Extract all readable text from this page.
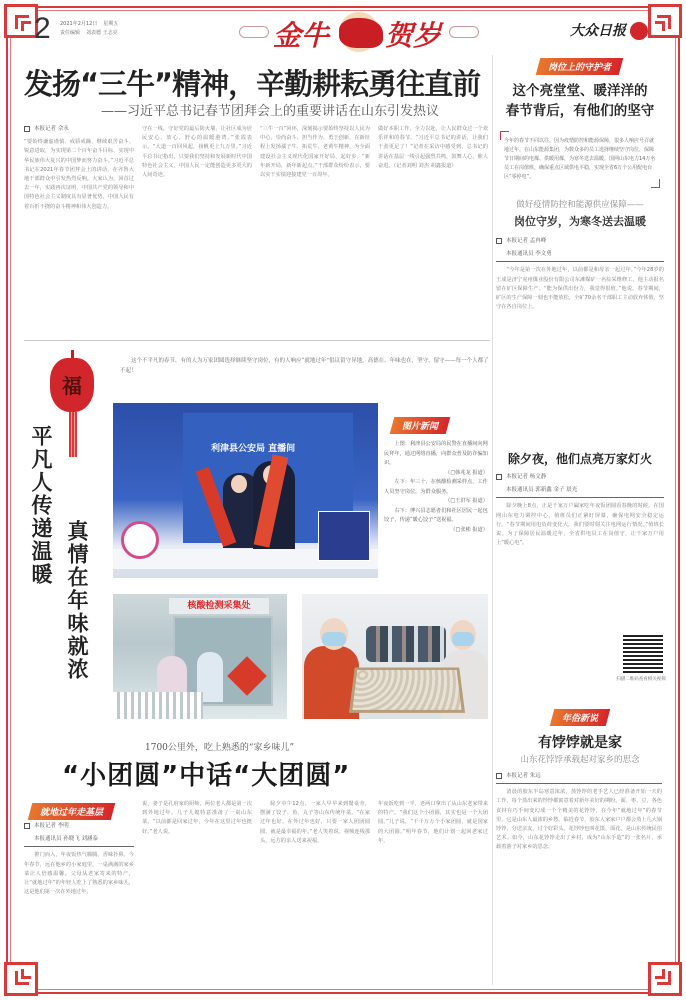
2 2021年2月12日 星期五
责任编辑 刘表德 王志亮	金牛 贺岁	大众日报
发扬“三牛”精神，辛勤耕耘勇往直前
——习近平总书记春节团拜会上的重要讲话在山东引发热议
本报记者 佘永

“要始终谦虚谨慎、戒骄戒躁，继续艰苦奋斗、锐意进取，为实现第二个百年奋斗目标、实现中华民族伟大复兴的中国梦而努力奋斗。”习近平总书记在2021年春节团拜会上的讲话，在齐鲁大地干部群众中引发热烈反响。大家认为，回首过去一年，实践再次证明，中国共产党的领导和中国特色社会主义制度具有显著优势，中国人民有着百折不挠的奋斗精神和伟大创造力。

守在一线，守好党的最后防火墙，让社区成为居民安心、放心、舒心的温暖港湾。”张霞表示。“大道一百回风起，扬帆更上九万里。”习近平总书记指出，只要我们坚持和发展新时代中国特色社会主义，中国人民一定能创造更多更大的人间奇迹。

“三牛一百”回环，深刻揭示要始终坚持以人民为中心，崇尚奋斗、担当作为、勇于创新，在新征程上发扬孺子牛、拓荒牛、老黄牛精神，为全面建设社会主义现代化国家开好局、起好步。“新年新开局，新年新起点。”干部群众纷纷表示，要以实干实绩迎接建党一百周年。

做好本职工作，全力以赴，让人民群众过一个欢乐祥和的春节。“习近平总书记的讲话，让我们干劲更足了！”记者在采访中感受到，总书记的讲话在基层一线引起强烈共鸣，鼓舞人心、催人奋进。（记者刘明 刘杰 胡鑫报道）

岗位上的守护者
这个亮堂堂、暖洋洋的
春节背后，有他们的坚守
今年的春节不同以往。因为疫情防控和能源保障，很多人响应号召就地过年。在山东能源集团，为数众多的员工选择继续坚守岗位，保障节日期间的电煤、供暖用煤，为寒冬送去温暖。国网山东电力14万名员工在岗值班，确保重点区域供电平稳，实现全省6万个公用配电台区“零停电”。
做好疫情防控和能源供应保障——
岗位守岁，为寒冬送去温暖
本报记者 孟冉峰
本报通讯员 李文勇

“今年是第一次在外地过年，以前都是和母亲一起过年。”今年28岁的王成是济宁兖州煤业股份有限公司东滩煤矿一名综采维修工，他主动报名留在矿区保障生产。“能为保供出份力，我觉得很值。”他说。春节期间，矿区的生产保障一刻也不能放松，全矿70余名干部职工主动放弃休假，坚守在各自岗位上。

除夕夜，他们点亮万家灯火
本报记者 杨文静
本报通讯员 郭新鑫 金子 晨光

除夕晚上8点，正是千家万户阖家吃年夜饭团圆看春晚的时候，在国网山东电力调控中心，值班员们正紧盯屏幕，确保电网安全稳定运行。“春节期间用电负荷变化大，我们要时刻关注电网运行情况。”值班长说。为了保障居民温暖过年，全省供电员工在岗值守，让千家万户用上“暖心电”。

扫描二维码查看相关视频
年俗新说
有饽饽就是家
山东花饽饽承载起对家乡的思念
本报记者 朱远

清晨的胶东半岛寒意浓浓，蒸饽饽的老手艺人已经准备开始一天的工作。每个蒸出来的饽饽都寓意着对新年美好的期盼。面、枣、豆，各色食材在巧手间变幻成一个个精美的花饽饽，在今年“就地过年”的春节里，它是山东人最浓的乡愁。临近春节，胶东人家家户户都会蒸上几大锅饽饽，分送亲友，讨个好彩头。花饽饽也叫花馍、面花，是山东传统民俗艺术。如今，山东花饽饽走出了乡村，成为“山东手造”的一张名片，承载着游子对家乡的思念。

福
这个不平凡的春节，有的人为万家团圆选择继续坚守岗位，有的人响应“就地过年”倡议留守异地，高德在、年味也在，坚守、留守——每一个人都了不起！
平凡人传递温暖
真情在年味就浓
利津县公安局 直播间
图片新闻

上图：利津县公安局的民警在直播间向网民拜年，通过网络直播，向群众普及防诈骗知识。

（□韩兆龙 报道）

左下：年三十，在核酸检测采样点，工作人员坚守岗位，为群众服务。

（□王洪军 报道）

右下：博兴县志愿者们和社区居民一起包饺子，传递“暖心饺子”送祝福。

（□张彬 报道）
核酸检测采集处
1700公里外，吃上熟悉的“家乡味儿”
“小团圆”中话“大团圆”
就地过年走基层
本报记者 李明
本报通讯员 孙晓飞 刘涵泰

推门而入，年夜饭热气腾腾、香味扑鼻。今年春节，远在他乡的小家庭里，一桌满满的家乡菜让人倍感温馨。父母从老家寄来的特产，让“就地过年”的年轻人吃上了熟悉的家乡味儿，这是他们第一次在外地过年。

说，妻子是孔府家的厨师，两位老人都是第一次到外地过年。儿子儿媳特意准备了一桌山东菜。“以前都是回家过年，今年在这里过年也挺好。”老人说。

除夕中午12点，一家人早早来到餐桌旁，摆满了饺子、鱼、丸子等山东传统年菜。“在家过年也好，在外过年也好，只要一家人团团圆圆，就是最幸福的年。”老人笑着说。视频连线那头，远方的亲人送来祝福。

年夜饭吃到一半，老两口拿出了从山东老家带来的特产。“我们这个小团圆，其实也是一个大团圆。”儿子说，“千千万万个小家团圆，就是国家的大团圆。”明年春节，他们计划一起回老家过年。
